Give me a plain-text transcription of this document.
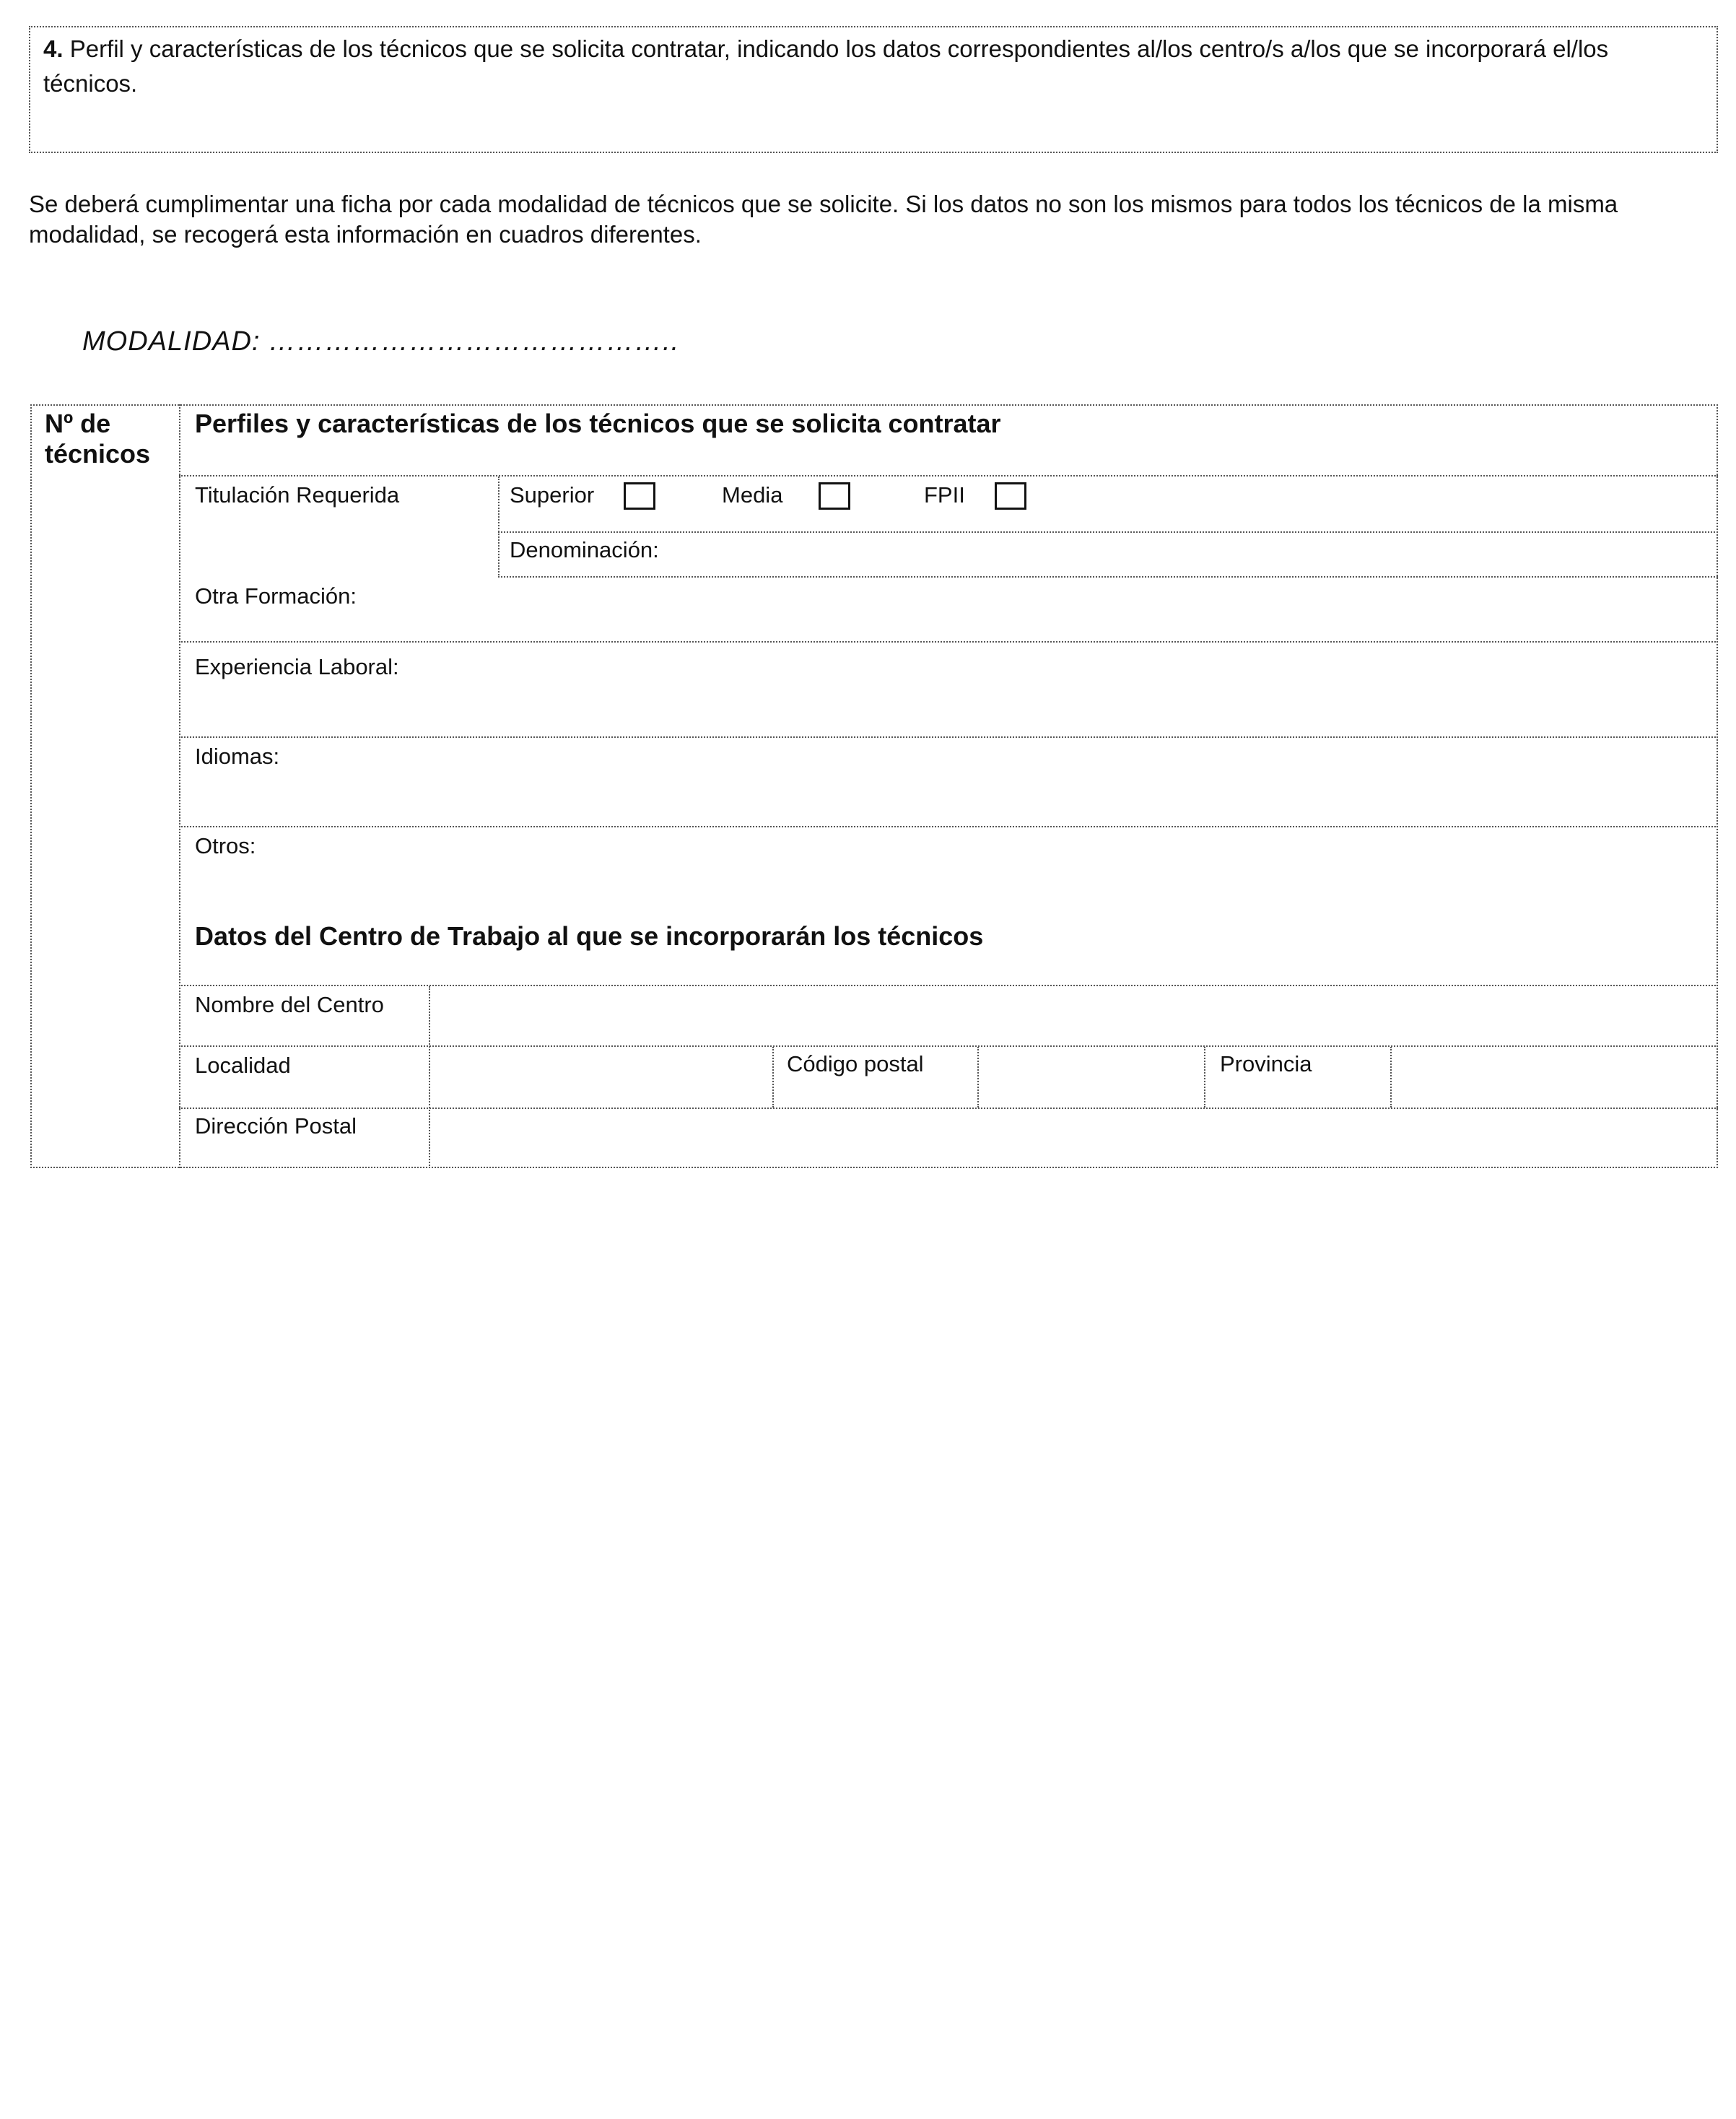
4. Perfil y características de los técnicos que se solicita contratar, indicando los datos correspondientes al/los centro/s a/los que se incorporará el/los técnicos.
Se deberá cumplimentar una ficha por cada modalidad de técnicos que se solicite. Si los datos no son los mismos para todos los técnicos de la misma modalidad, se recogerá esta información en cuadros diferentes.
MODALIDAD: ……………………………………..
Nº de técnicos
Perfiles y características de los técnicos que se solicita contratar
Titulación Requerida	Superior	Media	FPII
Denominación:
Otra Formación:
Experiencia Laboral:
Idiomas:
Otros:
Datos del Centro de Trabajo al que se incorporarán los técnicos
Nombre del Centro
Localidad	Código postal	Provincia
Dirección Postal
